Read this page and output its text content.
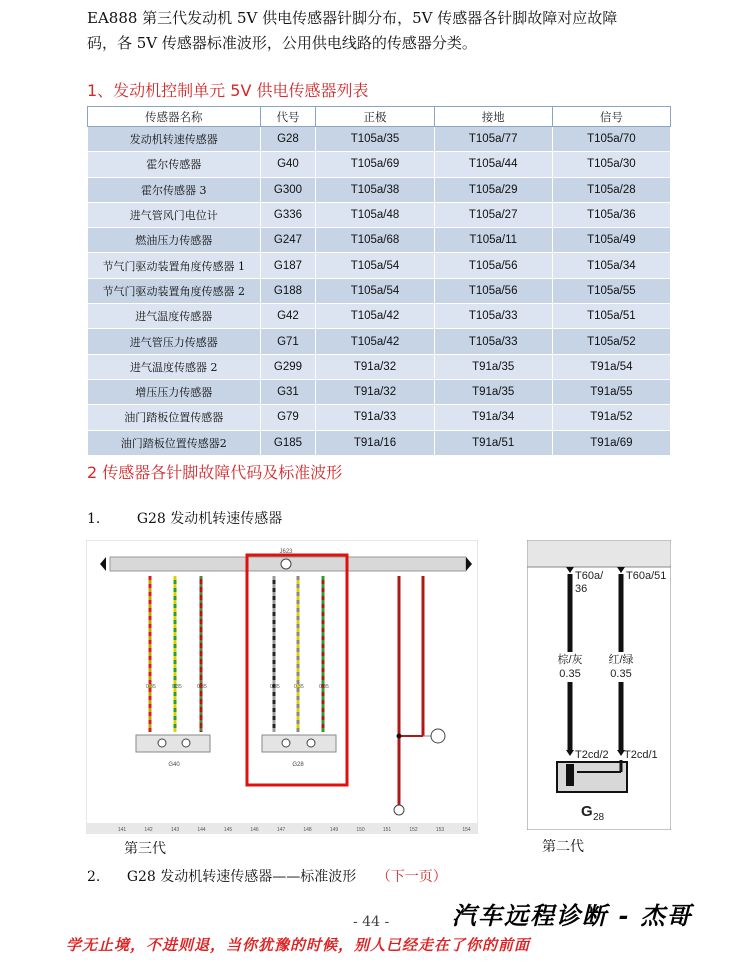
EA888 第三代发动机 5V 供电传感器针脚分布，5V 传感器各针脚故障对应故障
码，各 5V 传感器标准波形，公用供电线路的传感器分类。
1、发动机控制单元 5V 供电传感器列表
传感器名称	代号	正极	接地	信号
发动机转速传感器	G28	T105a/35	T105a/77	T105a/70
霍尔传感器	G40	T105a/69	T105a/44	T105a/30
霍尔传感器 3	G300	T105a/38	T105a/29	T105a/28
进气管风门电位计	G336	T105a/48	T105a/27	T105a/36
燃油压力传感器	G247	T105a/68	T105a/11	T105a/49
节气门驱动装置角度传感器 1	G187	T105a/54	T105a/56	T105a/34
节气门驱动装置角度传感器 2	G188	T105a/54	T105a/56	T105a/55
进气温度传感器	G42	T105a/42	T105a/33	T105a/51
进气管压力传感器	G71	T105a/42	T105a/33	T105a/52
进气温度传感器 2	G299	T91a/32	T91a/35	T91a/54
增压压力传感器	G31	T91a/32	T91a/35	T91a/55
油门踏板位置传感器	G79	T91a/33	T91a/34	T91a/52
油门踏板位置传感器2	G185	T91a/16	T91a/51	T91a/69
2 传感器各针脚故障代码及标准波形
1.	G28 发动机转速传感器
J623
0.35	0.35	0.35	0.35	0.35	0.35
G40	G28
141	142	143	144	145	146	147	148	149	150	151	152	153	154
第三代
T60a/
36
T60a/51
棕/灰
0.35
红/绿
0.35
T2cd/2 T2cd/1
G 28
第二代
2. G28 发动机转速传感器——标准波形 （下一页）
- 44 -	汽车远程诊断 - 杰哥
学无止境，不进则退，当你犹豫的时候，别人已经走在了你的前面
